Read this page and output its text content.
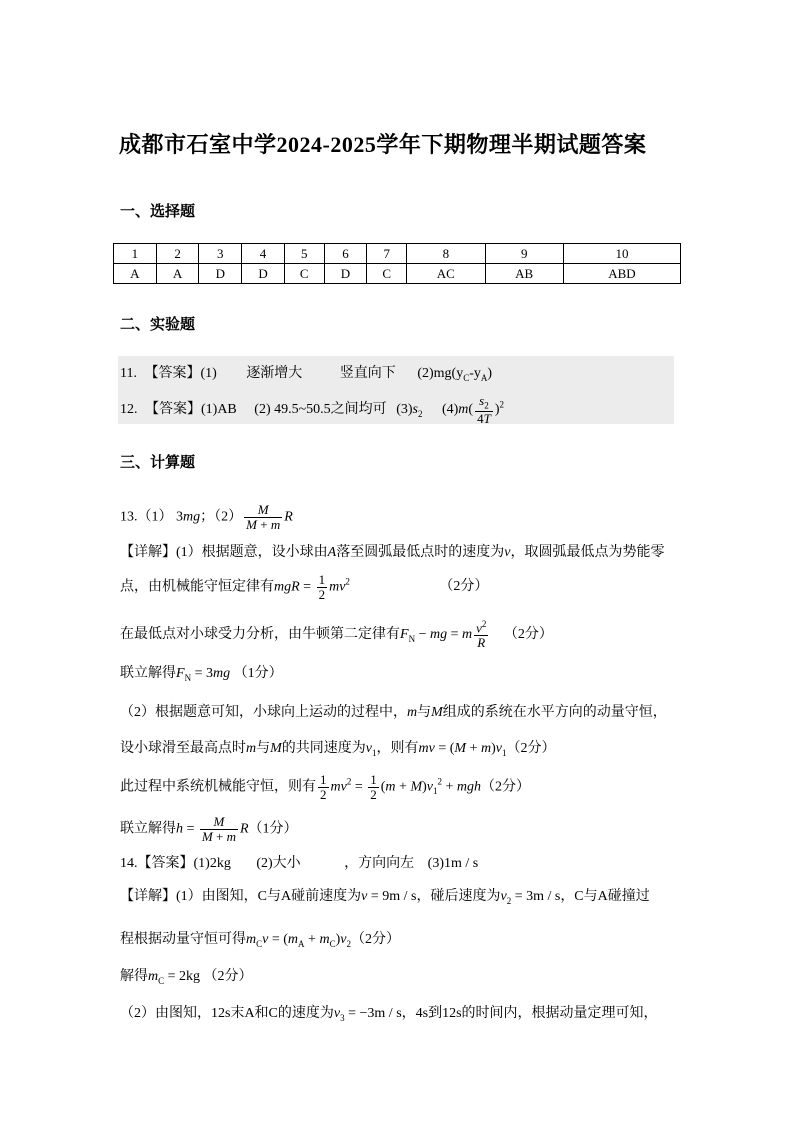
成都市石室中学2024-2025学年下期物理半期试题答案
一、选择题
1	2	3	4	5	6	7	8	9	10
A	A	D	D	C	D	C	AC	AB	ABD
二、实验题
11. 【答案】(1) 逐渐增大	竖直向下 $(2)mg(y_C-y_A)$
12. 【答案】(1)AB (2) 49.5~50.5之间均可 $(3)s_2$ $(4)m( \frac{s_2}{4T} )^2$
三、计算题
13.（1） 3mg；$(2) \frac{M}{M + m}$ R
【详解】(1）根据题意，设小球由A落至圆弧最低点时的速度为v，取圆弧最低点为势能零
点，由机械能守恒定律有mgR = $\frac{1}{2} mv^2$	（2分）
在最低点对小球受力分析，由牛顿第二定律有$F_N$ − mg = m $\frac{v^2}{R} (2$分）
联立解得$F_N = 3mg$ （1分）
（2）根据题意可知，小球向上运动的过程中，m与M组成的系统在水平方向的动量守恒，
设小球滑至最高点时m与M的共同速度为$v_1$，则有mv = $(M + m)v_1(2$分）
此过程中系统机械能守恒，则有 $\frac{1}{2} mv^2 = \frac{1}{2} (m + M)v_1^2 + mgh(2$分）
联立解得$h = \frac{M}{M + m} R(1$分）
14.【答案】(1)2kg (2)大小	，方向向左 (3)1m / s
【详解】(1）由图知，C与A碰前速度为v = 9m / s，碰后速度为$v_2 = 3m / s$，C与A碰撞过
程根据动量守恒可得$m_Cv = (m_A + m_C)v_2(2$分）
解得$m_C = 2kg$ （2分）
（2）由图知，12s末A和C的速度为$v_3 = -3m / s$，4s到12s的时间内，根据动量定理可知，
